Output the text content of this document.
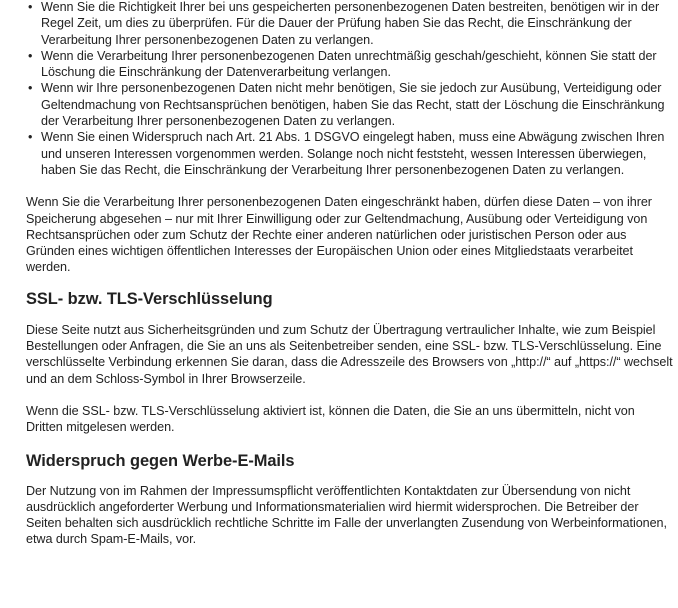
• Wenn Sie die Richtigkeit Ihrer bei uns gespeicherten personenbezogenen Daten bestreiten, benötigen wir in der Regel Zeit, um dies zu überprüfen. Für die Dauer der Prüfung haben Sie das Recht, die Einschränkung der Verarbeitung Ihrer personenbezogenen Daten zu verlangen.
• Wenn die Verarbeitung Ihrer personenbezogenen Daten unrechtmäßig geschah/geschieht, können Sie statt der Löschung die Einschränkung der Datenverarbeitung verlangen.
• Wenn wir Ihre personenbezogenen Daten nicht mehr benötigen, Sie sie jedoch zur Ausübung, Verteidigung oder Geltendmachung von Rechtsansprüchen benötigen, haben Sie das Recht, statt der Löschung die Einschränkung der Verarbeitung Ihrer personenbezogenen Daten zu verlangen.
• Wenn Sie einen Widerspruch nach Art. 21 Abs. 1 DSGVO eingelegt haben, muss eine Abwägung zwischen Ihren und unseren Interessen vorgenommen werden. Solange noch nicht feststeht, wessen Interessen überwiegen, haben Sie das Recht, die Einschränkung der Verarbeitung Ihrer personenbezogenen Daten zu verlangen.

Wenn Sie die Verarbeitung Ihrer personenbezogenen Daten eingeschränkt haben, dürfen diese Daten – von ihrer Speicherung abgesehen – nur mit Ihrer Einwilligung oder zur Geltendmachung, Ausübung oder Verteidigung von Rechtsansprüchen oder zum Schutz der Rechte einer anderen natürlichen oder juristischen Person oder aus Gründen eines wichtigen öffentlichen Interesses der Europäischen Union oder eines Mitgliedstaats verarbeitet werden.

SSL- bzw. TLS-Verschlüsselung

Diese Seite nutzt aus Sicherheitsgründen und zum Schutz der Übertragung vertraulicher Inhalte, wie zum Beispiel Bestellungen oder Anfragen, die Sie an uns als Seitenbetreiber senden, eine SSL- bzw. TLS-Verschlüsselung. Eine verschlüsselte Verbindung erkennen Sie daran, dass die Adresszeile des Browsers von „http://“ auf „https://“ wechselt und an dem Schloss-Symbol in Ihrer Browserzeile.

Wenn die SSL- bzw. TLS-Verschlüsselung aktiviert ist, können die Daten, die Sie an uns übermitteln, nicht von Dritten mitgelesen werden.

Widerspruch gegen Werbe-E-Mails

Der Nutzung von im Rahmen der Impressumspflicht veröffentlichten Kontaktdaten zur Übersendung von nicht ausdrücklich angeforderter Werbung und Informationsmaterialien wird hiermit widersprochen. Die Betreiber der Seiten behalten sich ausdrücklich rechtliche Schritte im Falle der unverlangten Zusendung von Werbeinformationen, etwa durch Spam-E-Mails, vor.
